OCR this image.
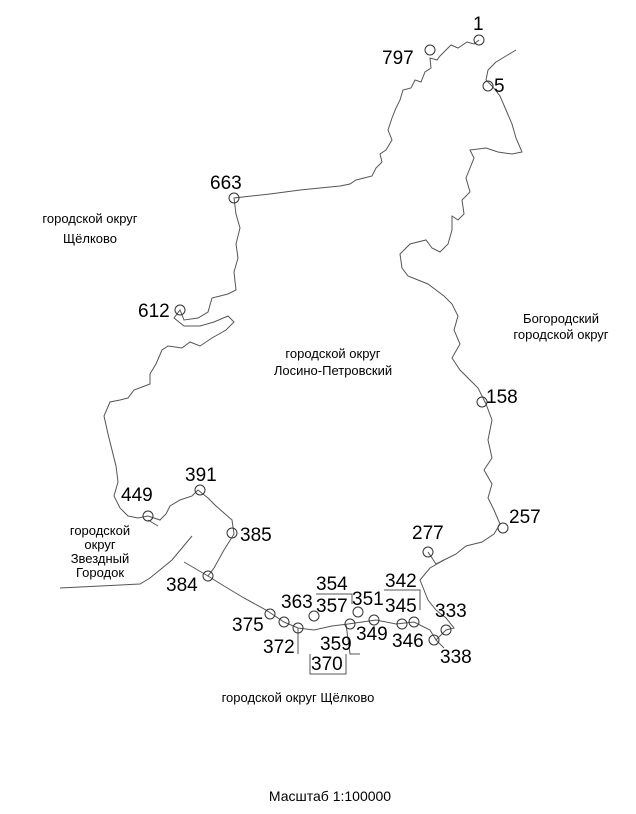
1
797
5
663
612
158
391
449
257
385	277
384	342
354
351
363 357 345 333
375	349
359 346
372	338
370
городской округ
Щёлково
городской округ
Лосино-Петровский
Богородский
городской округ
городской
округ
Звездный
Городок
городской округ Щёлково
Масштаб 1:100000
